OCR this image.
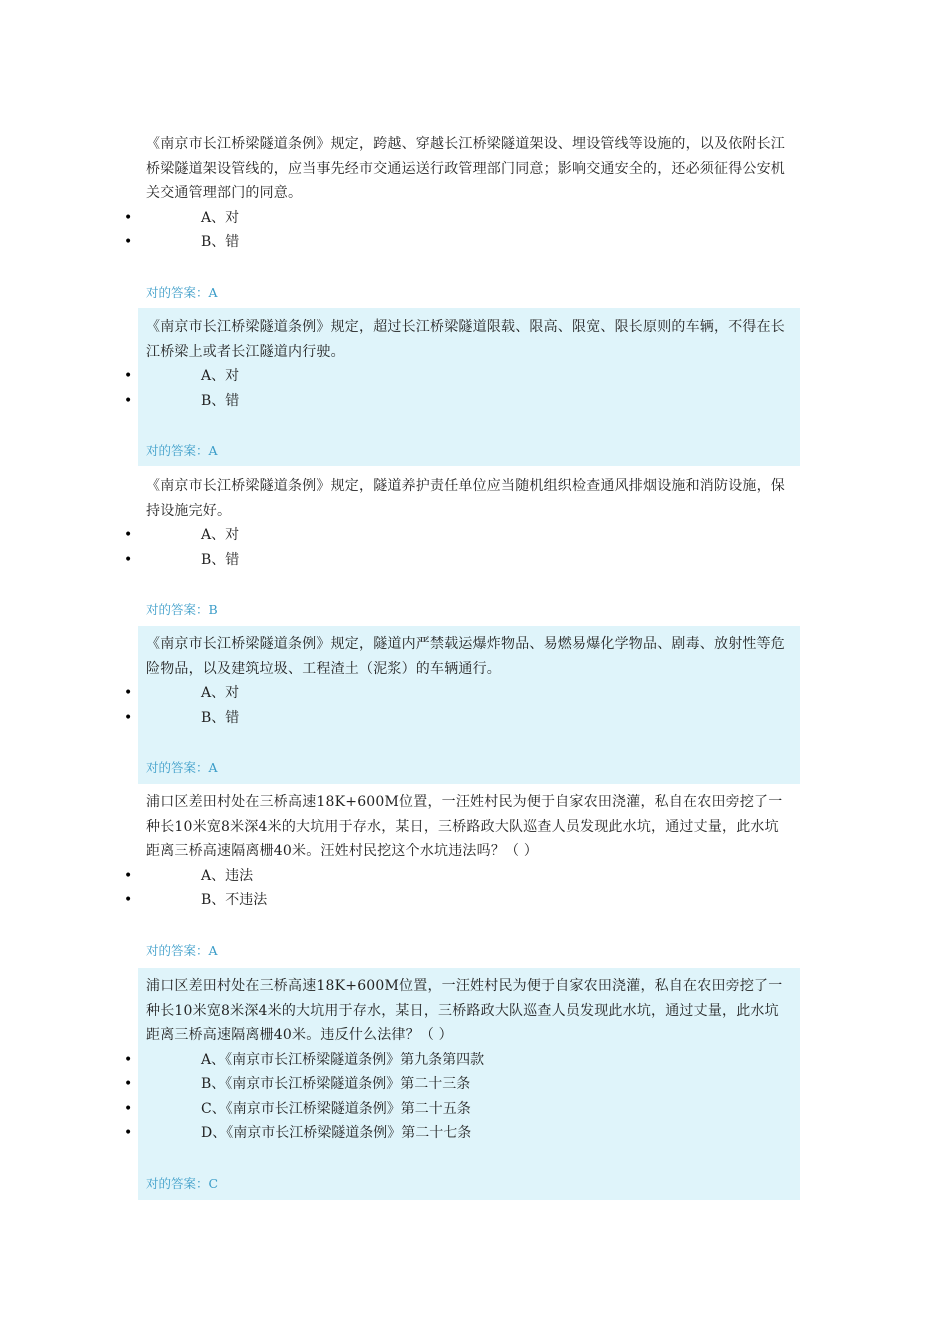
《南京市长江桥梁隧道条例》规定，跨越、穿越长江桥梁隧道架设、埋设管线等设施的，以及依附长江桥梁隧道架设管线的，应当事先经市交通运送行政管理部门同意；影响交通安全的，还必须征得公安机关交通管理部门的同意。

•	A、对
•	B、错

对的答案：A

《南京市长江桥梁隧道条例》规定，超过长江桥梁隧道限载、限高、限宽、限长原则的车辆，不得在长江桥梁上或者长江隧道内行驶。

•	A、对
•	B、错

对的答案：A

《南京市长江桥梁隧道条例》规定，隧道养护责任单位应当随机组织检查通风排烟设施和消防设施，保持设施完好。

•	A、对
•	B、错

对的答案：B

《南京市长江桥梁隧道条例》规定，隧道内严禁载运爆炸物品、易燃易爆化学物品、剧毒、放射性等危险物品，以及建筑垃圾、工程渣土（泥浆）的车辆通行。

•	A、对
•	B、错

对的答案：A

浦口区差田村处在三桥高速18K+600M位置，一汪姓村民为便于自家农田浇灌，私自在农田旁挖了一种长10米宽8米深4米的大坑用于存水，某日，三桥路政大队巡查人员发现此水坑，通过丈量，此水坑距离三桥高速隔离栅40米。汪姓村民挖这个水坑违法吗？（ ）

•	A、违法
•	B、不违法

对的答案：A

浦口区差田村处在三桥高速18K+600M位置，一汪姓村民为便于自家农田浇灌，私自在农田旁挖了一种长10米宽8米深4米的大坑用于存水，某日，三桥路政大队巡查人员发现此水坑，通过丈量，此水坑距离三桥高速隔离栅40米。违反什么法律？（ ）

•	A、《南京市长江桥梁隧道条例》第九条第四款
•	B、《南京市长江桥梁隧道条例》第二十三条
•	C、《南京市长江桥梁隧道条例》第二十五条
•	D、《南京市长江桥梁隧道条例》第二十七条

对的答案：C
